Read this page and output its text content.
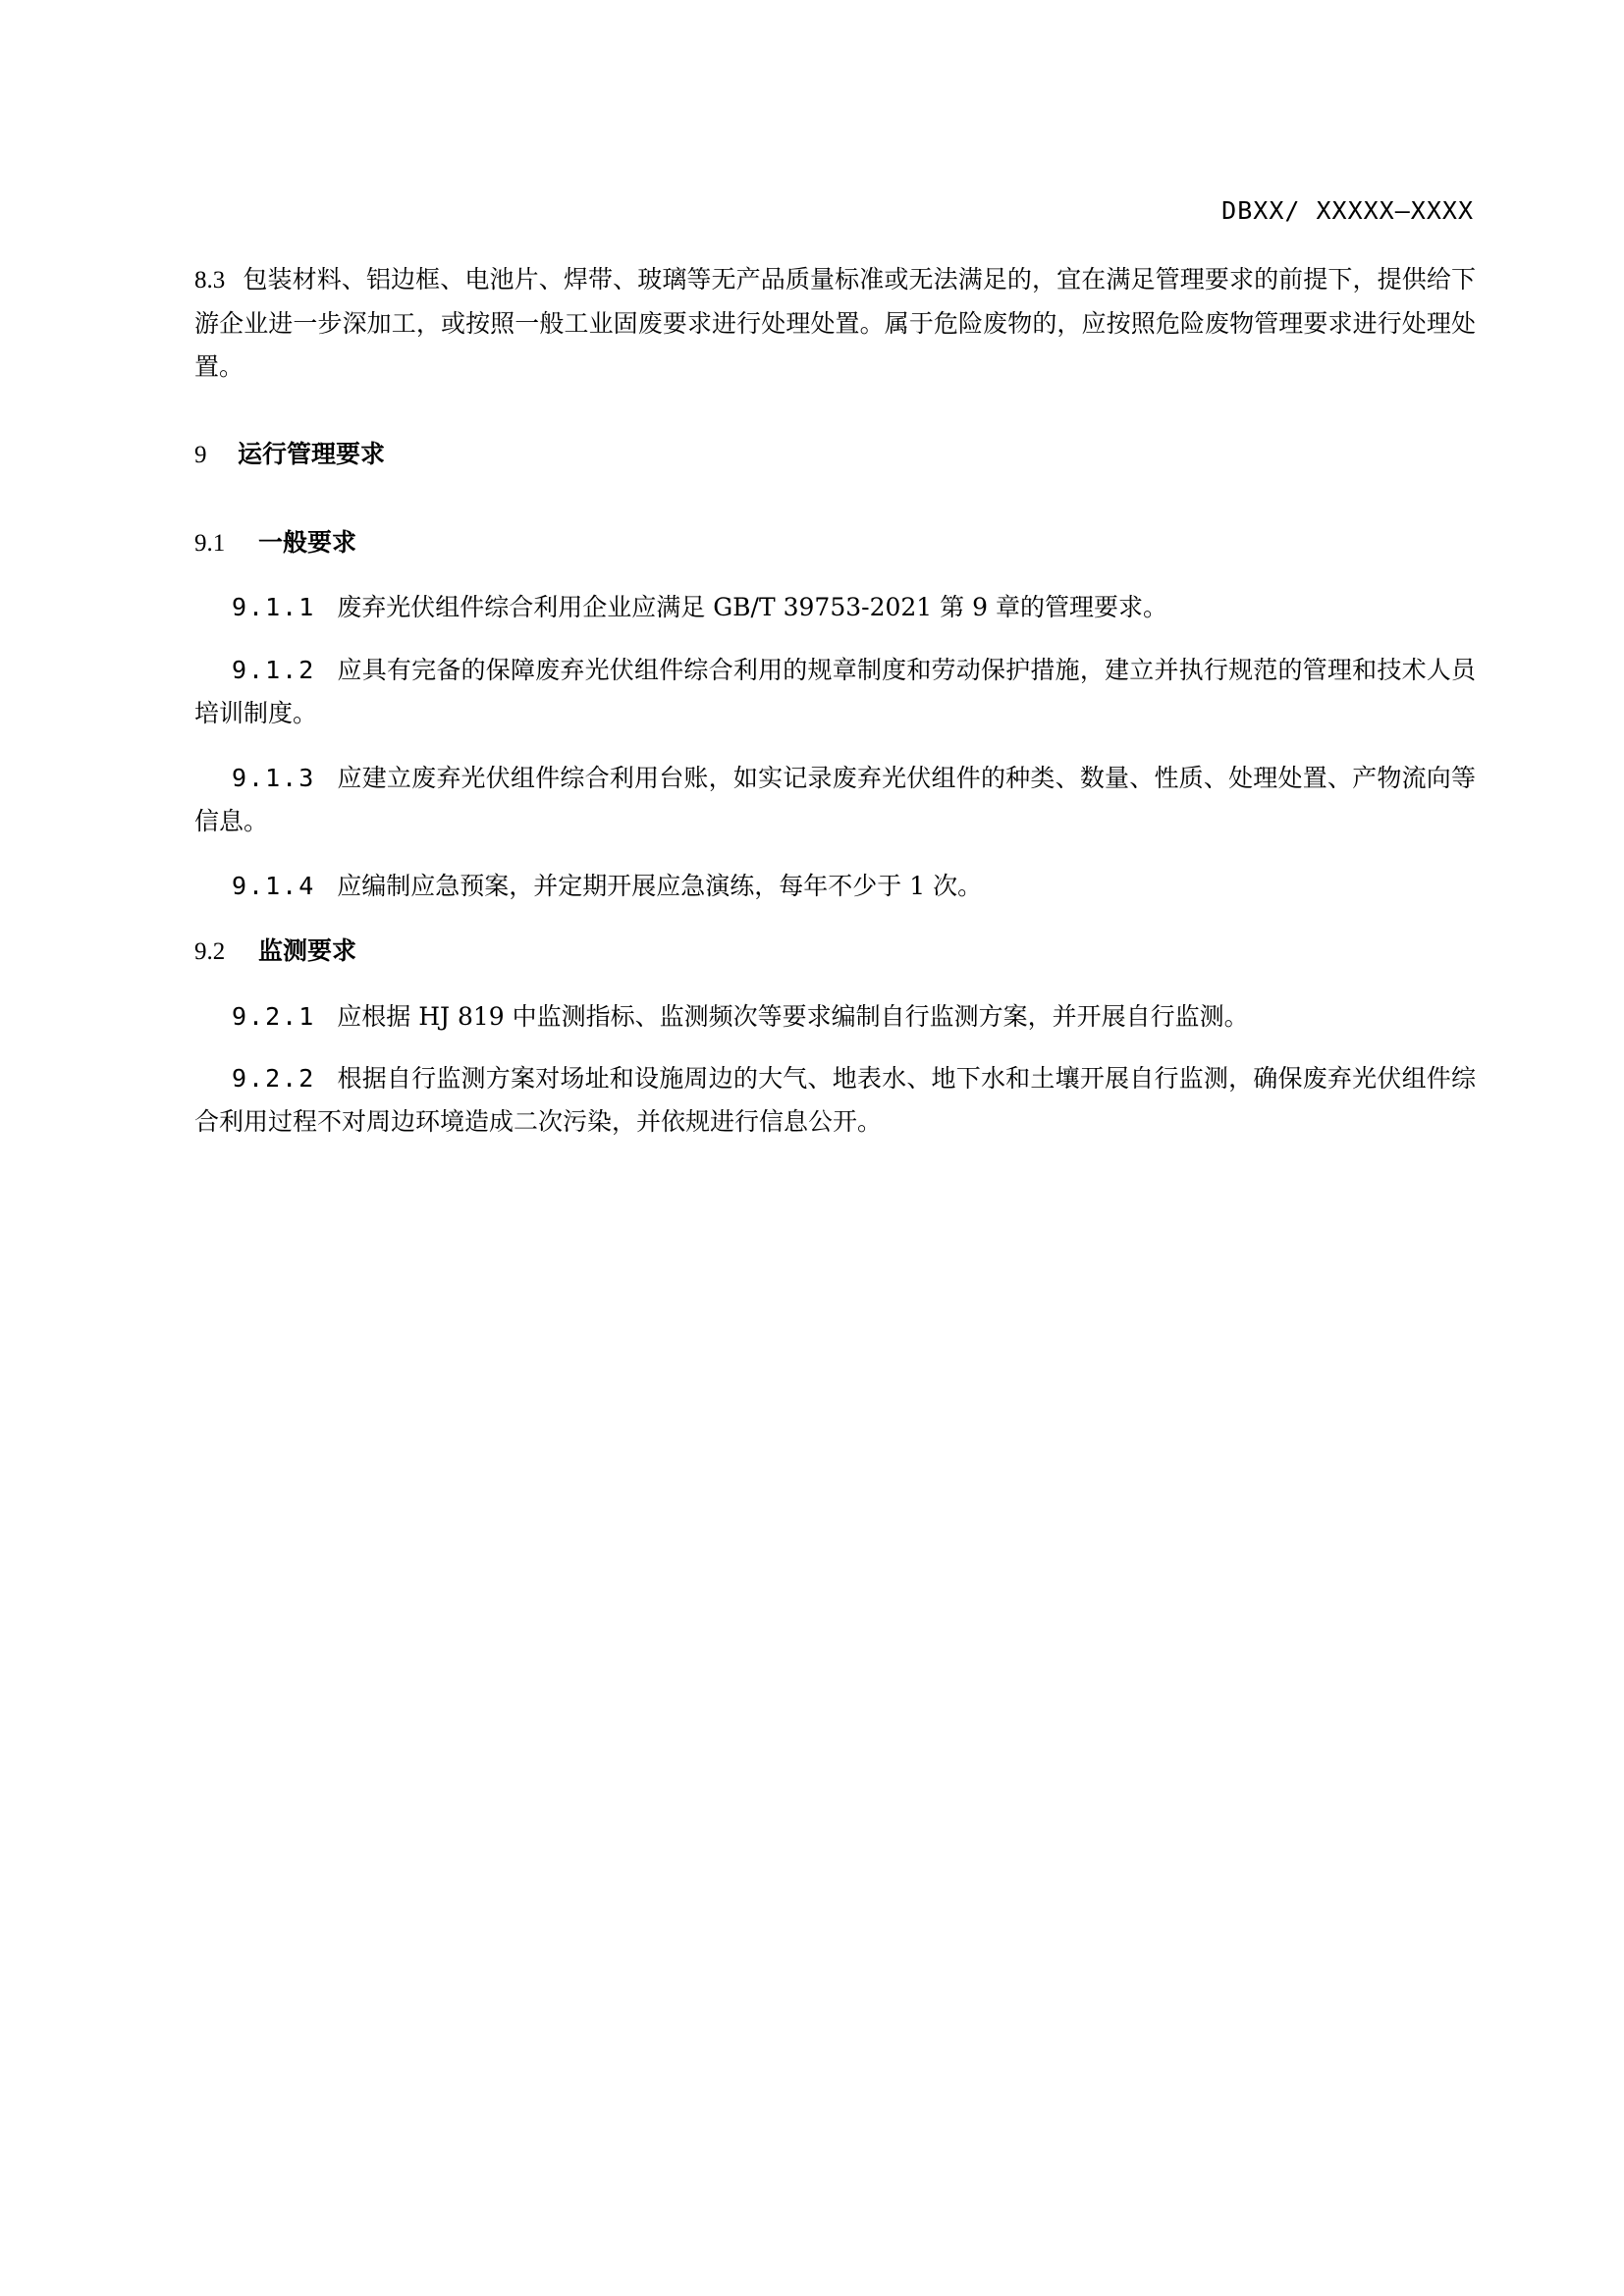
DBXX/ XXXXX—XXXX
8.3 包装材料、铝边框、电池片、焊带、玻璃等无产品质量标准或无法满足的，宜在满足管理要求的前提下，提供给下游企业进一步深加工，或按照一般工业固废要求进行处理处置。属于危险废物的，应按照危险废物管理要求进行处理处置。
9 运行管理要求
9.1 一般要求
9.1.1 废弃光伏组件综合利用企业应满足 GB/T 39753-2021 第 9 章的管理要求。
9.1.2 应具有完备的保障废弃光伏组件综合利用的规章制度和劳动保护措施，建立并执行规范的管理和技术人员培训制度。
9.1.3 应建立废弃光伏组件综合利用台账，如实记录废弃光伏组件的种类、数量、性质、处理处置、产物流向等信息。
9.1.4 应编制应急预案，并定期开展应急演练，每年不少于 1 次。
9.2 监测要求
9.2.1 应根据 HJ 819 中监测指标、监测频次等要求编制自行监测方案，并开展自行监测。
9.2.2 根据自行监测方案对场址和设施周边的大气、地表水、地下水和土壤开展自行监测，确保废弃光伏组件综合利用过程不对周边环境造成二次污染，并依规进行信息公开。
